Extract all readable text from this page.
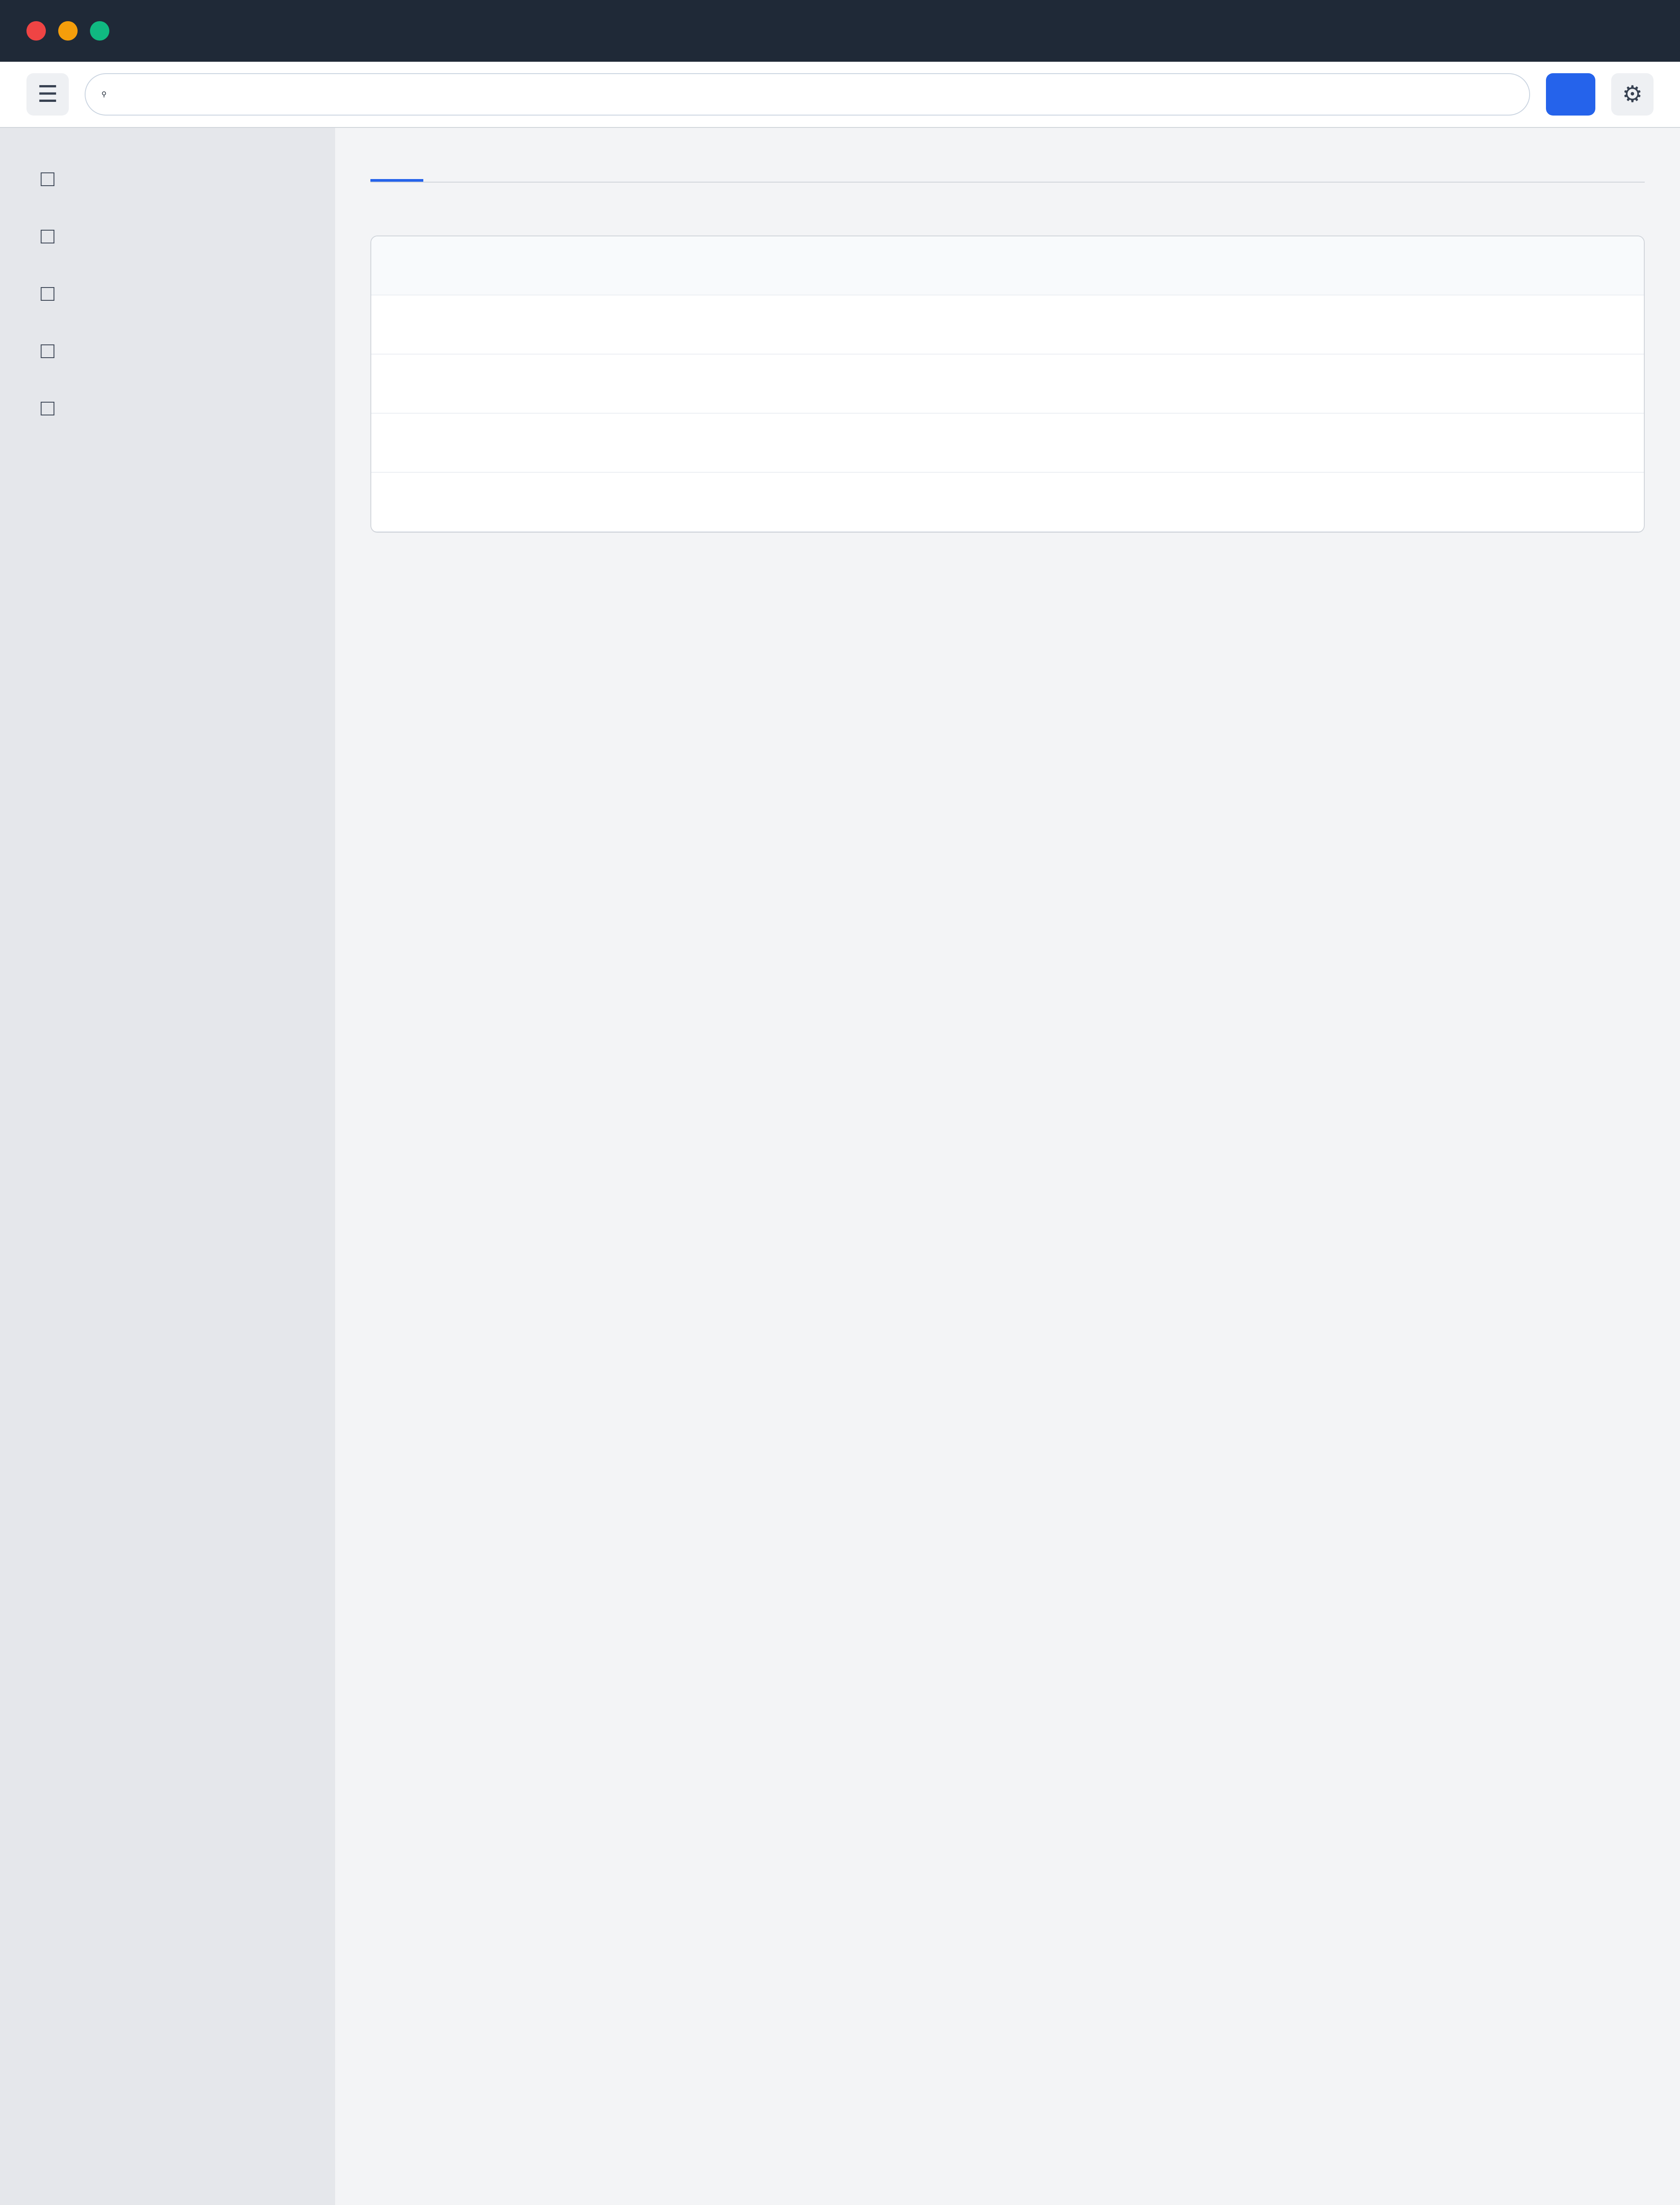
☰	⚲	⚙
□
□
□
□
□
